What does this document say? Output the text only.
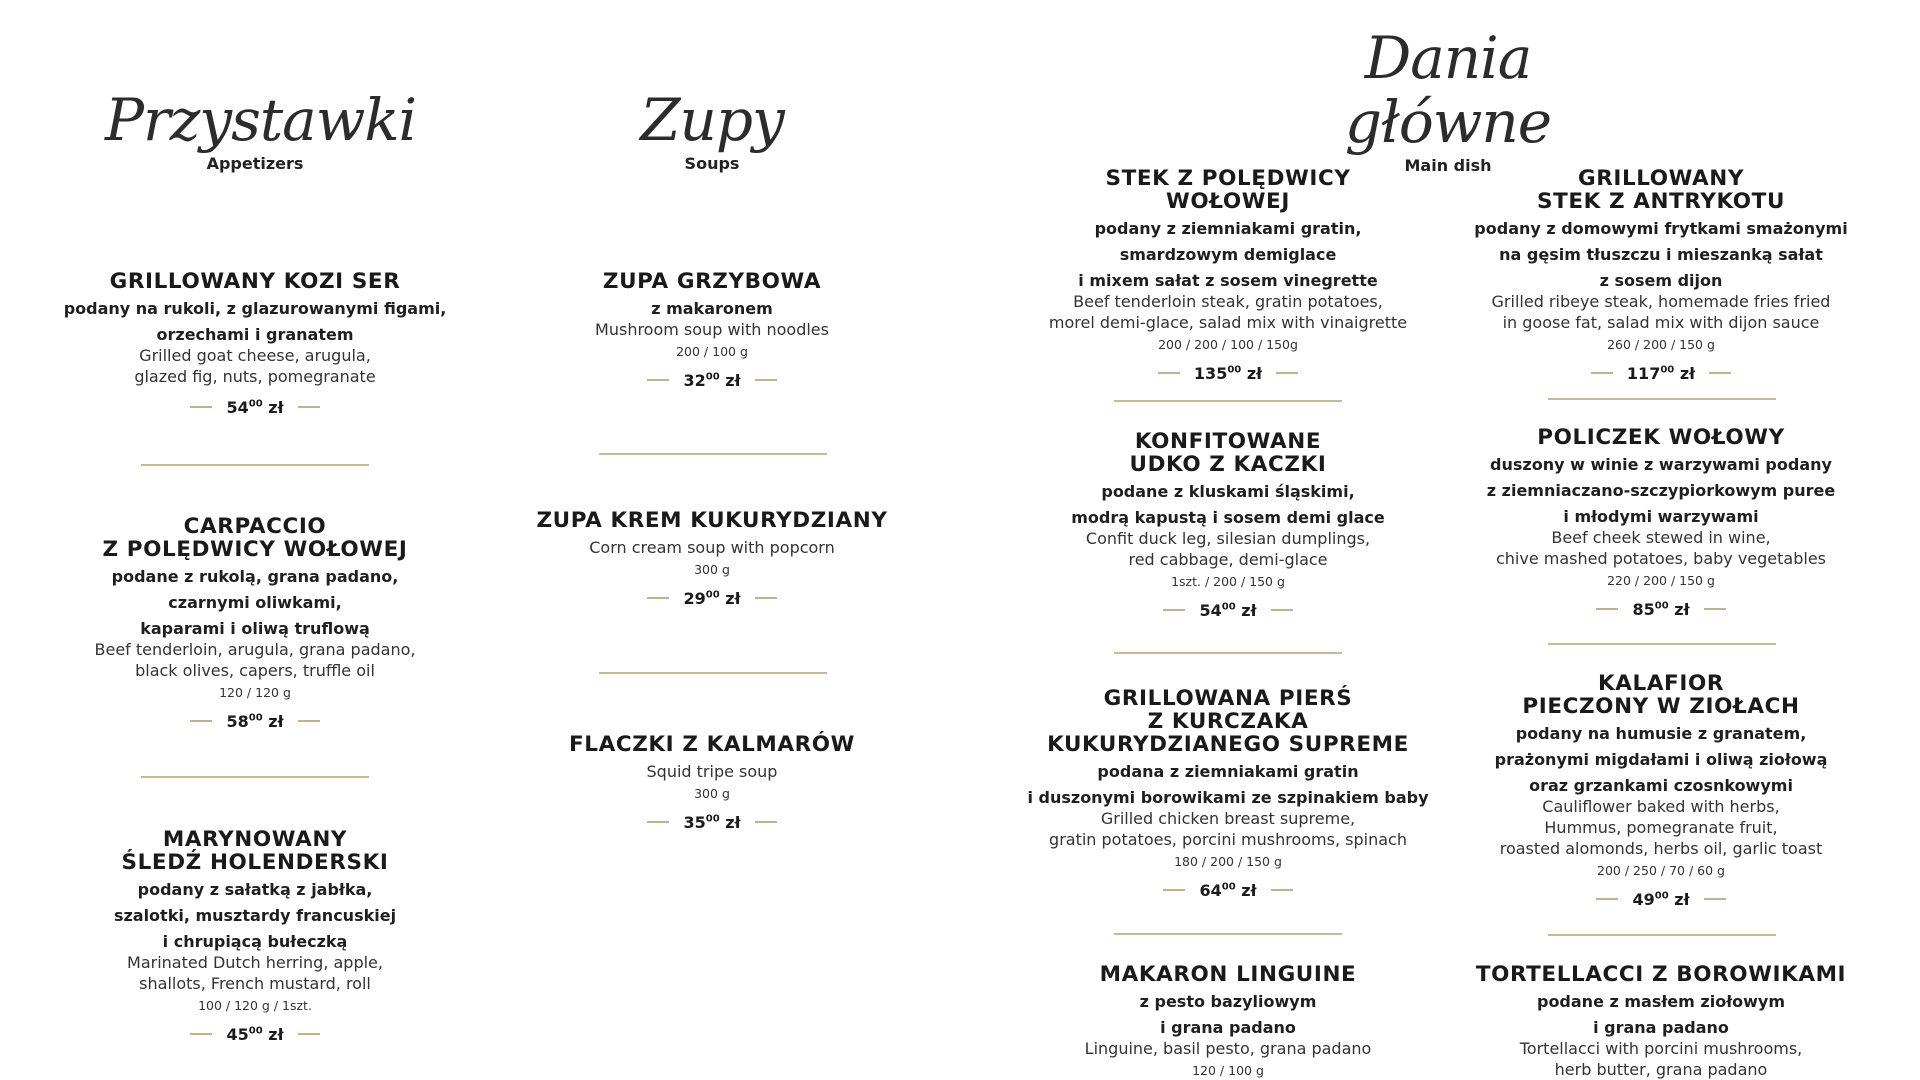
Przystawki
Appetizers
Zupy
Soups
Dania główne
Main dish
GRILLOWANY KOZI SER
podany na rukoli, z glazurowanymi figami,
orzechami i granatem
Grilled goat cheese, arugula,
glazed fig, nuts, pomegranate
$54^{00}$ zł
CARPACCIO
Z POLĘDWICY WOŁOWEJ
podane z rukolą, grana padano,
czarnymi oliwkami,
kaparami i oliwą truflową
Beef tenderloin, arugula, grana padano,
black olives, capers, truffle oil
120 / 120 g
$58^{00}$ zł
MARYNOWANY
ŚLEDŹ HOLENDERSKI
podany z sałatką z jabłka,
szalotki, musztardy francuskiej
i chrupiącą bułeczką
Marinated Dutch herring, apple,
shallots, French mustard, roll
100 / 120 g / 1szt.
$45^{00}$ zł
ZUPA GRZYBOWA
z makaronem
Mushroom soup with noodles
200 / 100 g
$32^{00}$ zł
ZUPA KREM KUKURYDZIANY
Corn cream soup with popcorn
300 g
$29^{00}$ zł
FLACZKI Z KALMARÓW
Squid tripe soup
300 g
$35^{00}$ zł
STEK Z POLĘDWICY
WOŁOWEJ
podany z ziemniakami gratin,
smardzowym demiglace
i mixem sałat z sosem vinegrette
Beef tenderloin steak, gratin potatoes,
morel demi-glace, salad mix with vinaigrette
200 / 200 / 100 / 150g
$135^{00}$ zł
KONFITOWANE
UDKO Z KACZKI
podane z kluskami śląskimi,
modrą kapustą i sosem demi glace
Confit duck leg, silesian dumplings,
red cabbage, demi-glace
1szt. / 200 / 150 g
$54^{00}$ zł
GRILLOWANA PIERŚ
Z KURCZAKA
KUKURYDZIANEGO SUPREME
podana z ziemniakami gratin
i duszonymi borowikami ze szpinakiem baby
Grilled chicken breast supreme,
gratin potatoes, porcini mushrooms, spinach
180 / 200 / 150 g
$64^{00}$ zł
MAKARON LINGUINE
z pesto bazyliowym
i grana padano
Linguine, basil pesto, grana padano
120 / 100 g
GRILLOWANY
STEK Z ANTRYKOTU
podany z domowymi frytkami smażonymi
na gęsim tłuszczu i mieszanką sałat
z sosem dijon
Grilled ribeye steak, homemade fries fried
in goose fat, salad mix with dijon sauce
260 / 200 / 150 g
$117^{00}$ zł
POLICZEK WOŁOWY
duszony w winie z warzywami podany
z ziemniaczano-szczypiorkowym puree
i młodymi warzywami
Beef cheek stewed in wine,
chive mashed potatoes, baby vegetables
220 / 200 / 150 g
$85^{00}$ zł
KALAFIOR
PIECZONY W ZIOŁACH
podany na humusie z granatem,
prażonymi migdałami i oliwą ziołową
oraz grzankami czosnkowymi
Cauliflower baked with herbs,
Hummus, pomegranate fruit,
roasted alomonds, herbs oil, garlic toast
200 / 250 / 70 / 60 g
$49^{00}$ zł
TORTELLACCI Z BOROWIKAMI
podane z masłem ziołowym
i grana padano
Tortellacci with porcini mushrooms,
herb butter, grana padano
